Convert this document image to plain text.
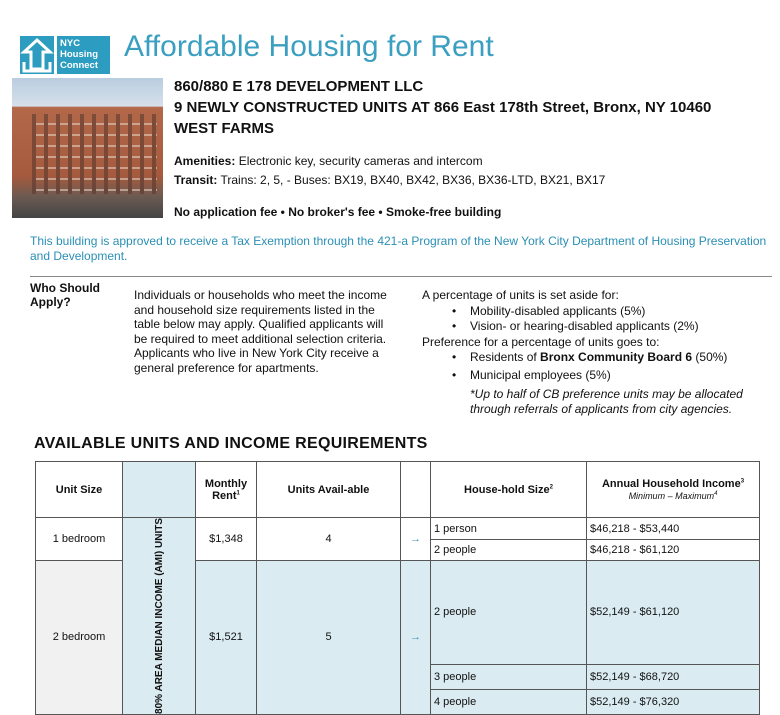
NYC
Housing
Connect
Affordable Housing for Rent
860/880 E 178 DEVELOPMENT LLC
9 NEWLY CONSTRUCTED UNITS AT 866 East 178th Street, Bronx, NY 10460
WEST FARMS
Amenities: Electronic key, security cameras and intercom
Transit: Trains: 2, 5, - Buses: BX19, BX40, BX42, BX36, BX36-LTD, BX21, BX17
No application fee • No broker's fee • Smoke-free building
This building is approved to receive a Tax Exemption through the 421-a Program of the New York City Department of Housing Preservation and Development.
Who Should
Apply?	Individuals or households who meet the income and household size requirements listed in the table below may apply. Qualified applicants will be required to meet additional selection criteria. Applicants who live in New York City receive a general preference for apartments.
A percentage of units is set aside for:
• Mobility-disabled applicants (5%)
• Vision- or hearing-disabled applicants (2%)
Preference for a percentage of units goes to:
• Residents of Bronx Community Board 6 (50%)
• Municipal employees (5%)
*Up to half of CB preference units may be allocated through referrals of applicants from city agencies.
AVAILABLE UNITS AND INCOME REQUIREMENTS
Unit Size		Monthly Rent$^1$	Units Avail-able		House-hold Size$^2$	Annual Household Income$^3$
Minimum – Maximum$^4$
1 bedroom	80% AREA MEDIAN INCOME (AMI) UNITS	$1,348	4	→	1 person	$46,218 - $53,440
					2 people	$46,218 - $61,120
2 bedroom		$1,521	5	→	2 people	$52,149 - $61,120
					3 people	$52,149 - $68,720
					4 people	$52,149 - $76,320
